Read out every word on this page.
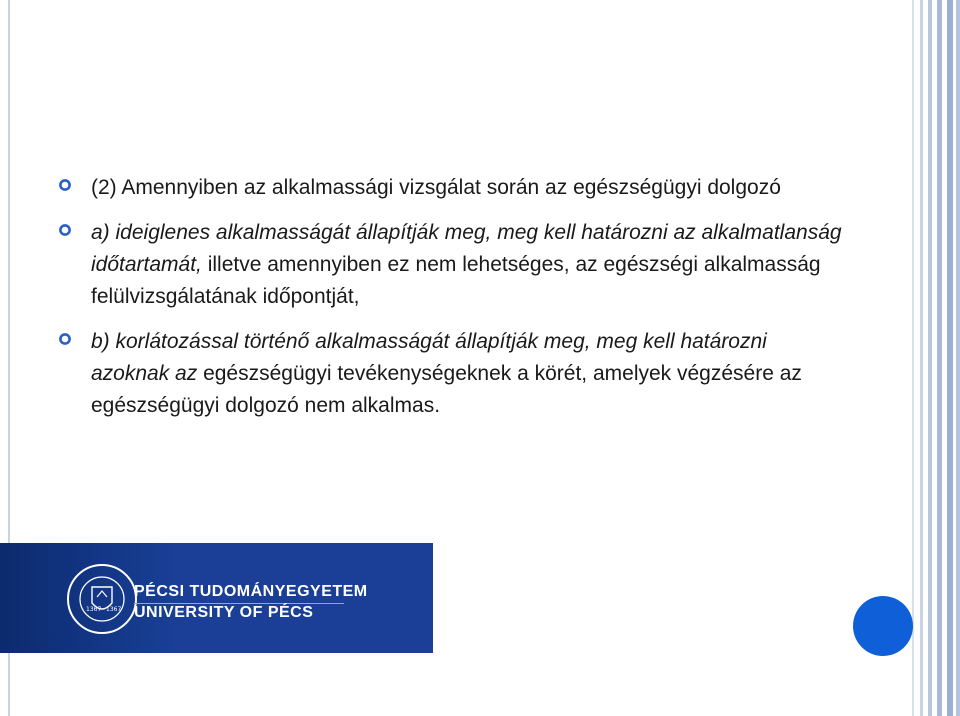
(2) Amennyiben az alkalmassági vizsgálat során az egészségügyi dolgozó
a) ideiglenes alkalmasságát állapítják meg, meg kell határozni az alkalmatlanság időtartamát, illetve amennyiben ez nem lehetséges, az egészségi alkalmasság felülvizsgálatának időpontját,
b) korlátozással történő alkalmasságát állapítják meg, meg kell határozni azoknak az egészségügyi tevékenységeknek a körét, amelyek végzésére az egészségügyi dolgozó nem alkalmas.
1367 1367
PÉCSI TUDOMÁNYEGYETEM
UNIVERSITY OF PÉCS
